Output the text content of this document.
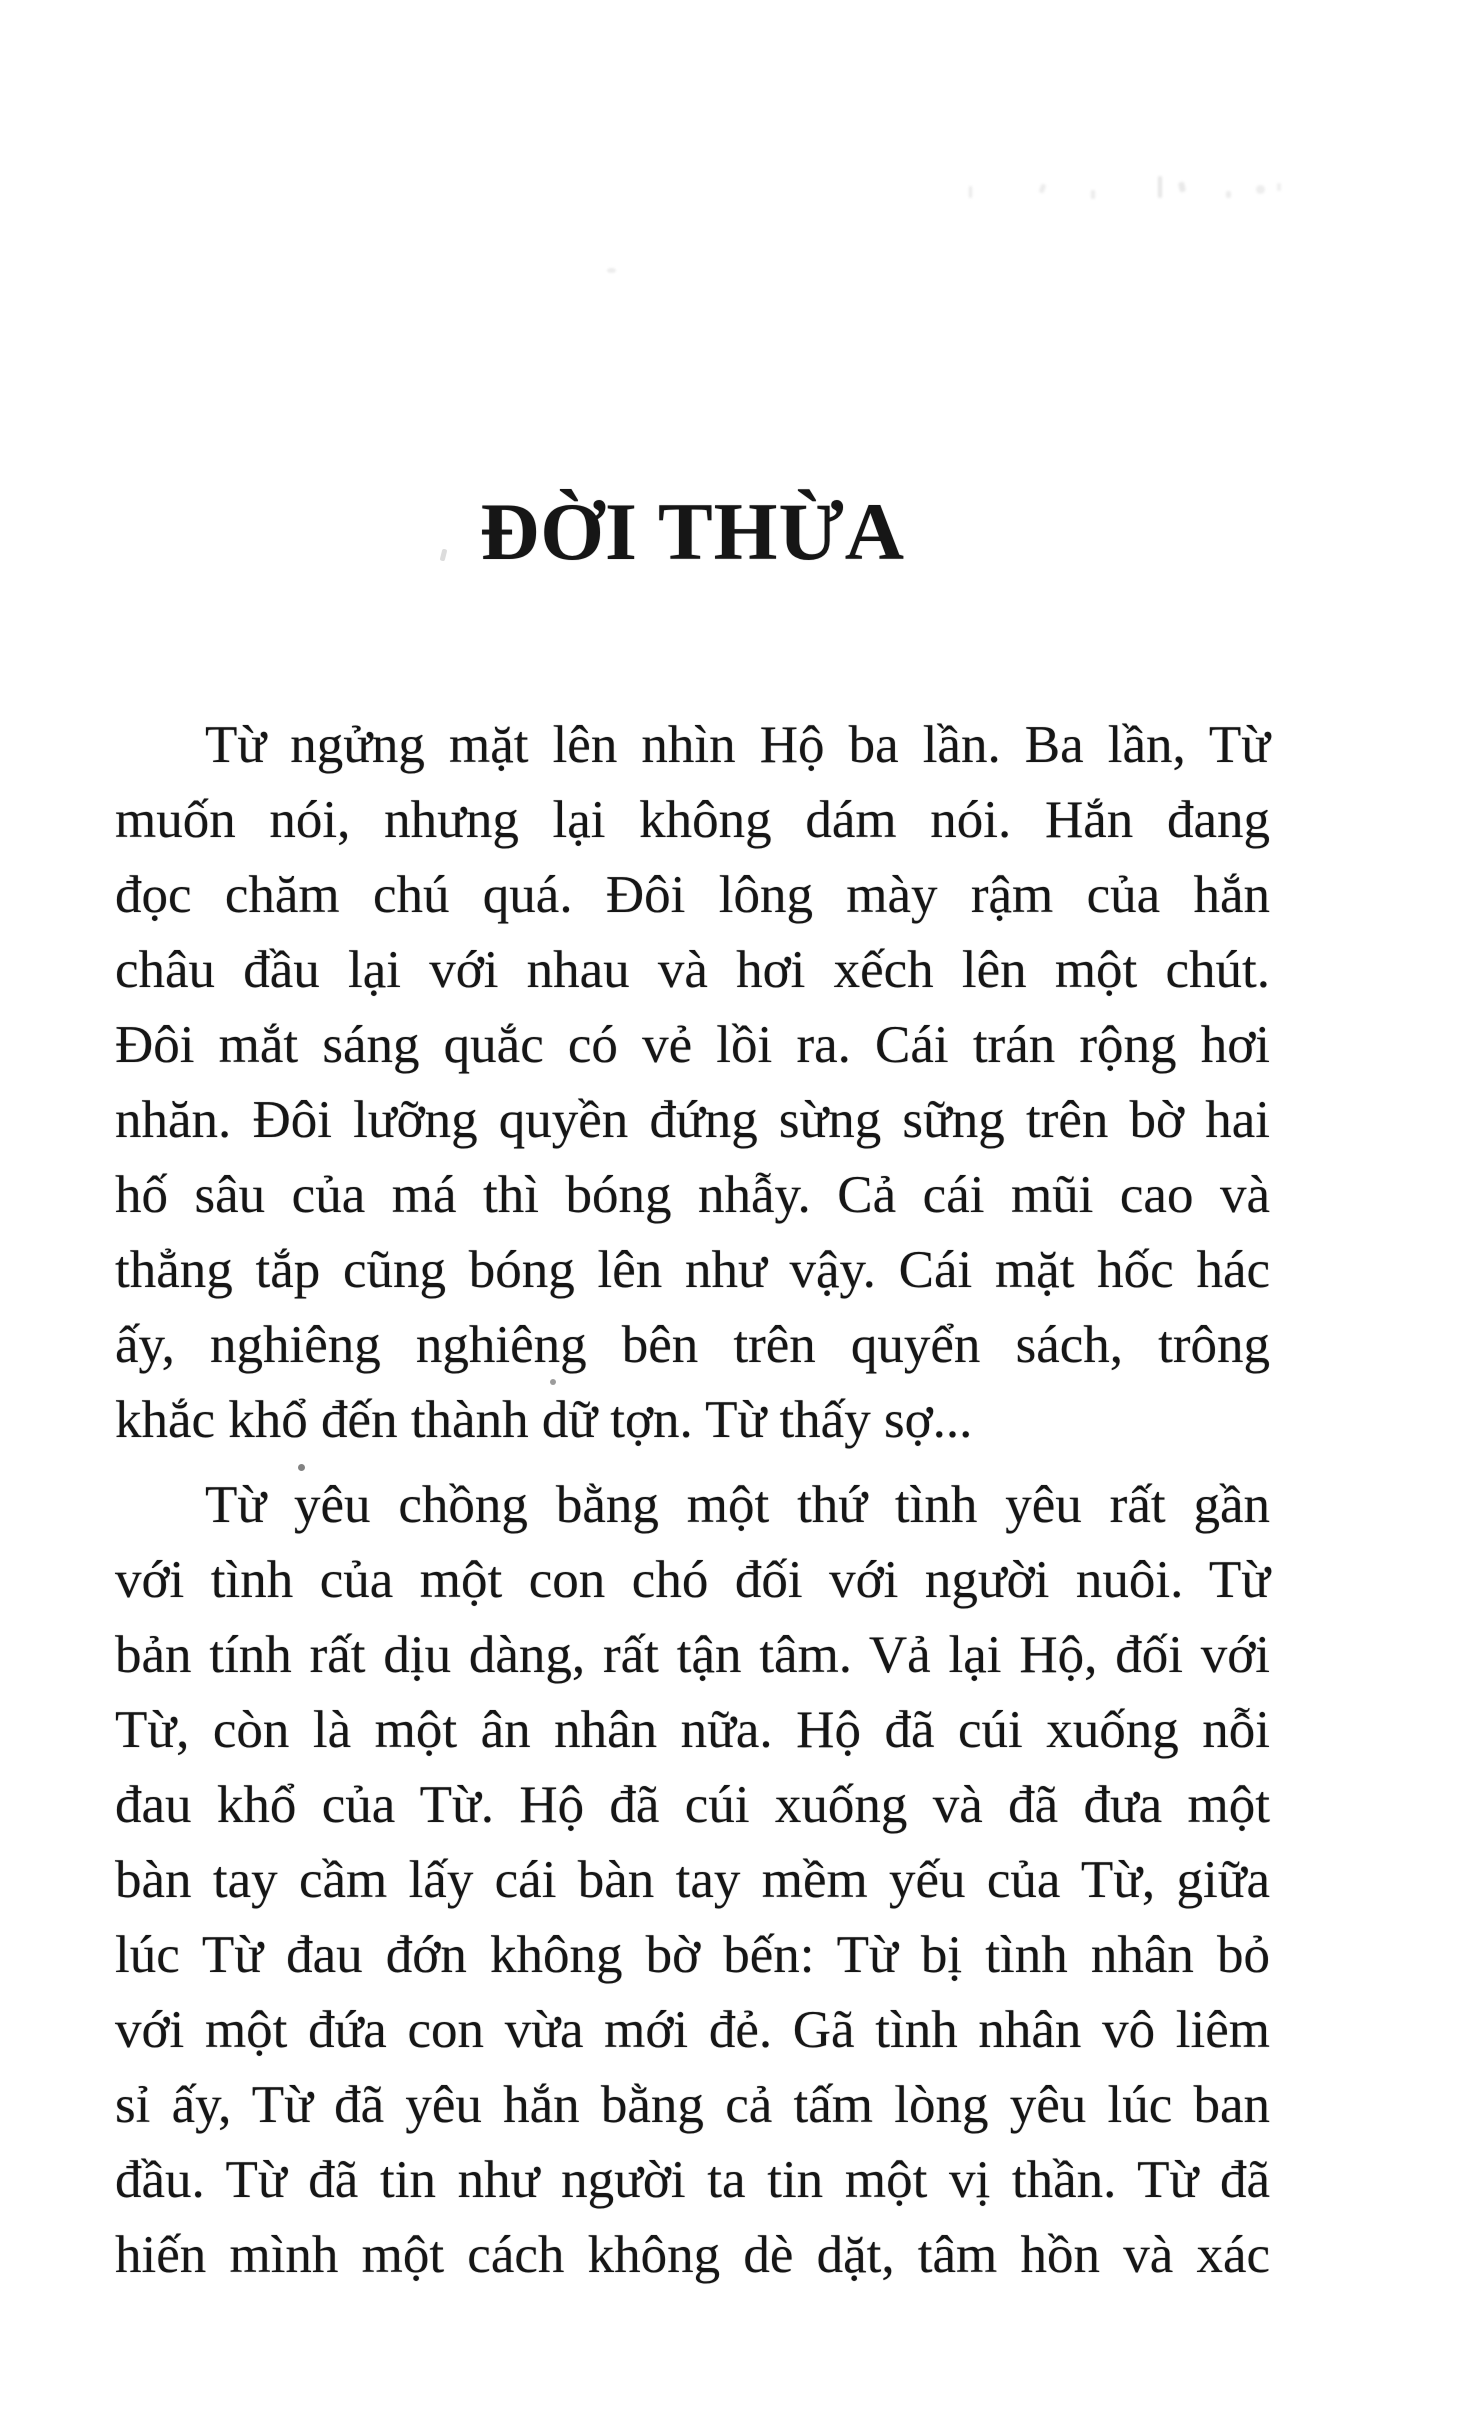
ĐỜI THỪA
Từ ngửng mặt lên nhìn Hộ ba lần. Ba lần, Từ
muốn nói, nhưng lại không dám nói. Hắn đang
đọc chăm chú quá. Đôi lông mày rậm của hắn
châu đầu lại với nhau và hơi xếch lên một chút.
Đôi mắt sáng quắc có vẻ lồi ra. Cái trán rộng hơi
nhăn. Đôi lưỡng quyền đứng sừng sững trên bờ hai
hố sâu của má thì bóng nhẫy. Cả cái mũi cao và
thẳng tắp cũng bóng lên như vậy. Cái mặt hốc hác
ấy, nghiêng nghiêng bên trên quyển sách, trông
khắc khổ đến thành dữ tợn. Từ thấy sợ...
Từ yêu chồng bằng một thứ tình yêu rất gần
với tình của một con chó đối với người nuôi. Từ
bản tính rất dịu dàng, rất tận tâm. Vả lại Hộ, đối với
Từ, còn là một ân nhân nữa. Hộ đã cúi xuống nỗi
đau khổ của Từ. Hộ đã cúi xuống và đã đưa một
bàn tay cầm lấy cái bàn tay mềm yếu của Từ, giữa
lúc Từ đau đớn không bờ bến: Từ bị tình nhân bỏ
với một đứa con vừa mới đẻ. Gã tình nhân vô liêm
sỉ ấy, Từ đã yêu hắn bằng cả tấm lòng yêu lúc ban
đầu. Từ đã tin như người ta tin một vị thần. Từ đã
hiến mình một cách không dè dặt, tâm hồn và xác
